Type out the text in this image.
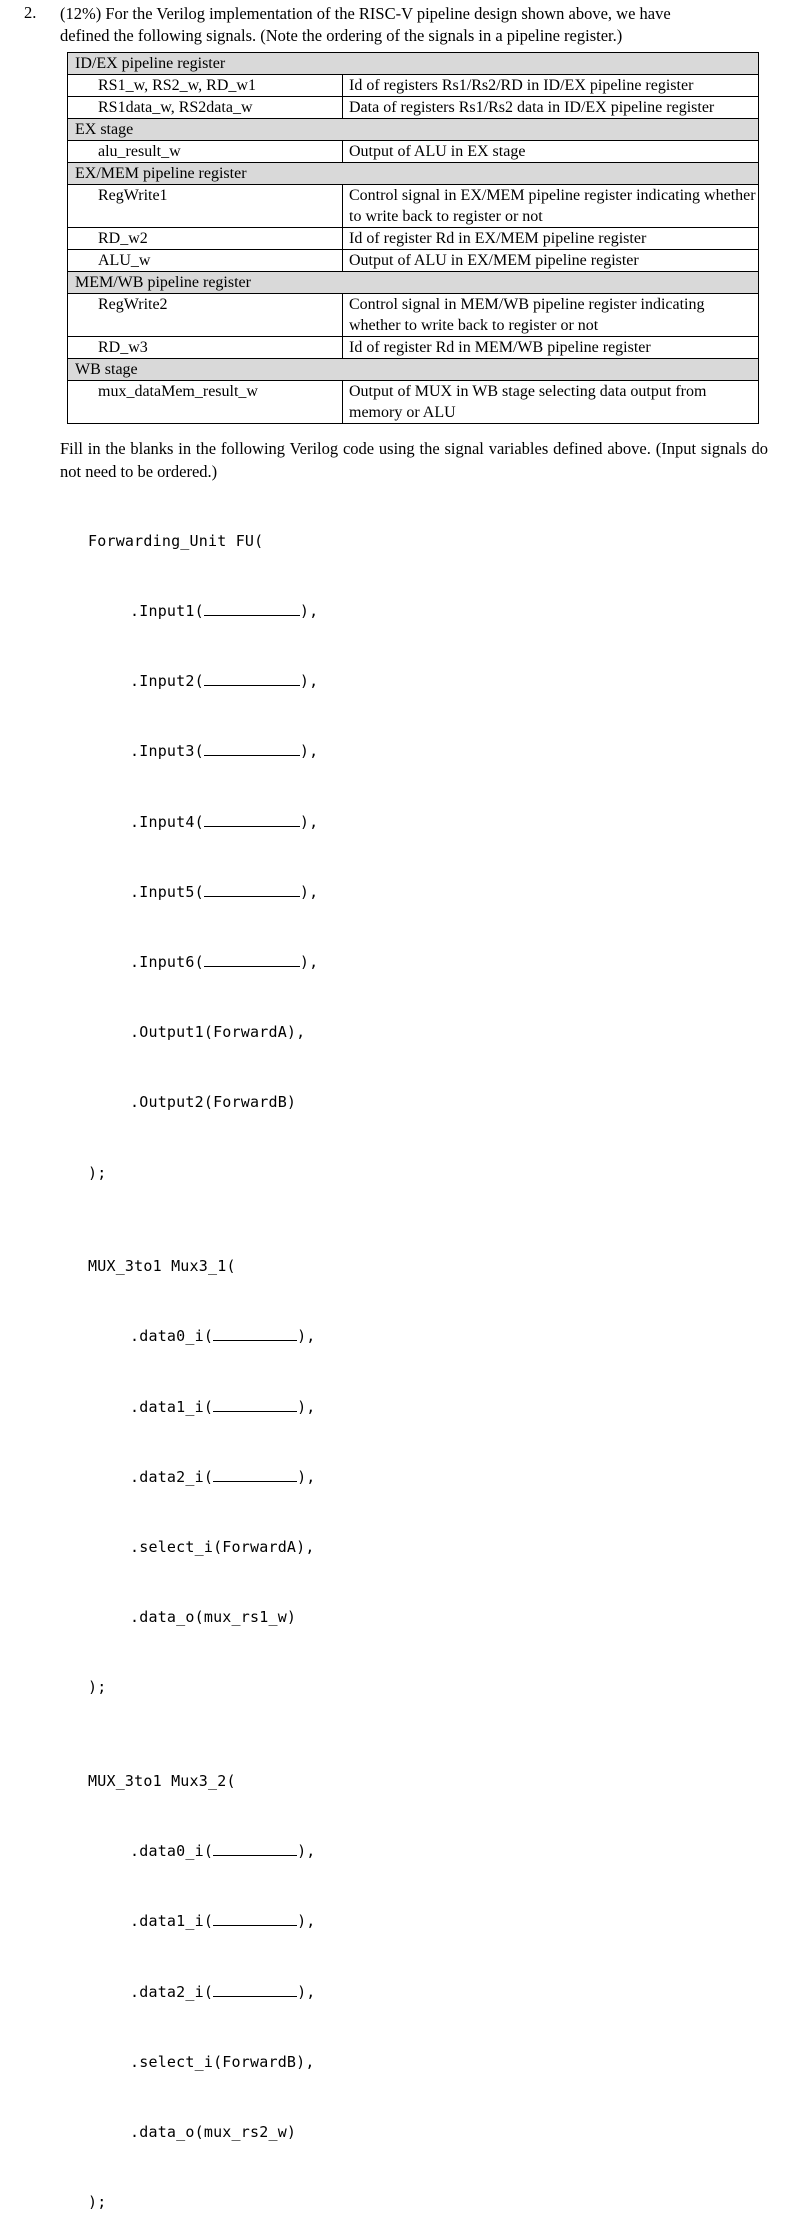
2. (12%) For the Verilog implementation of the RISC-V pipeline design shown above, we have
defined the following signals. (Note the ordering of the signals in a pipeline register.)
ID/EX pipeline register	
RS1_w, RS2_w, RD_w1	Id of registers Rs1/Rs2/RD in ID/EX pipeline register
RS1data_w, RS2data_w	Data of registers Rs1/Rs2 data in ID/EX pipeline register
EX stage	
alu_result_w	Output of ALU in EX stage
EX/MEM pipeline register	
RegWrite1	Control signal in EX/MEM pipeline register indicating whether to write back to register or not
RD_w2	Id of register Rd in EX/MEM pipeline register
ALU_w	Output of ALU in EX/MEM pipeline register
MEM/WB pipeline register	
RegWrite2	Control signal in MEM/WB pipeline register indicating whether to write back to register or not
RD_w3	Id of register Rd in MEM/WB pipeline register
WB stage	
mux_dataMem_result_w	Output of MUX in WB stage selecting data output from memory or ALU
Fill in the blanks in the following Verilog code using the signal variables defined above. (Input signals do not need to be ordered.)

Forwarding_Unit FU(

.Input1(	),

.Input2(	),

.Input3(	),

.Input4(	),

.Input5(	),

.Input6(	),

.Output1(ForwardA),

.Output2(ForwardB)

);

MUX_3to1 Mux3_1(

.data0_i(	),

.data1_i(	),

.data2_i(	),

.select_i(ForwardA),

.data_o(mux_rs1_w)

);

MUX_3to1 Mux3_2(

.data0_i(	),

.data1_i(	),

.data2_i(	),

.select_i(ForwardB),

.data_o(mux_rs2_w)

);
